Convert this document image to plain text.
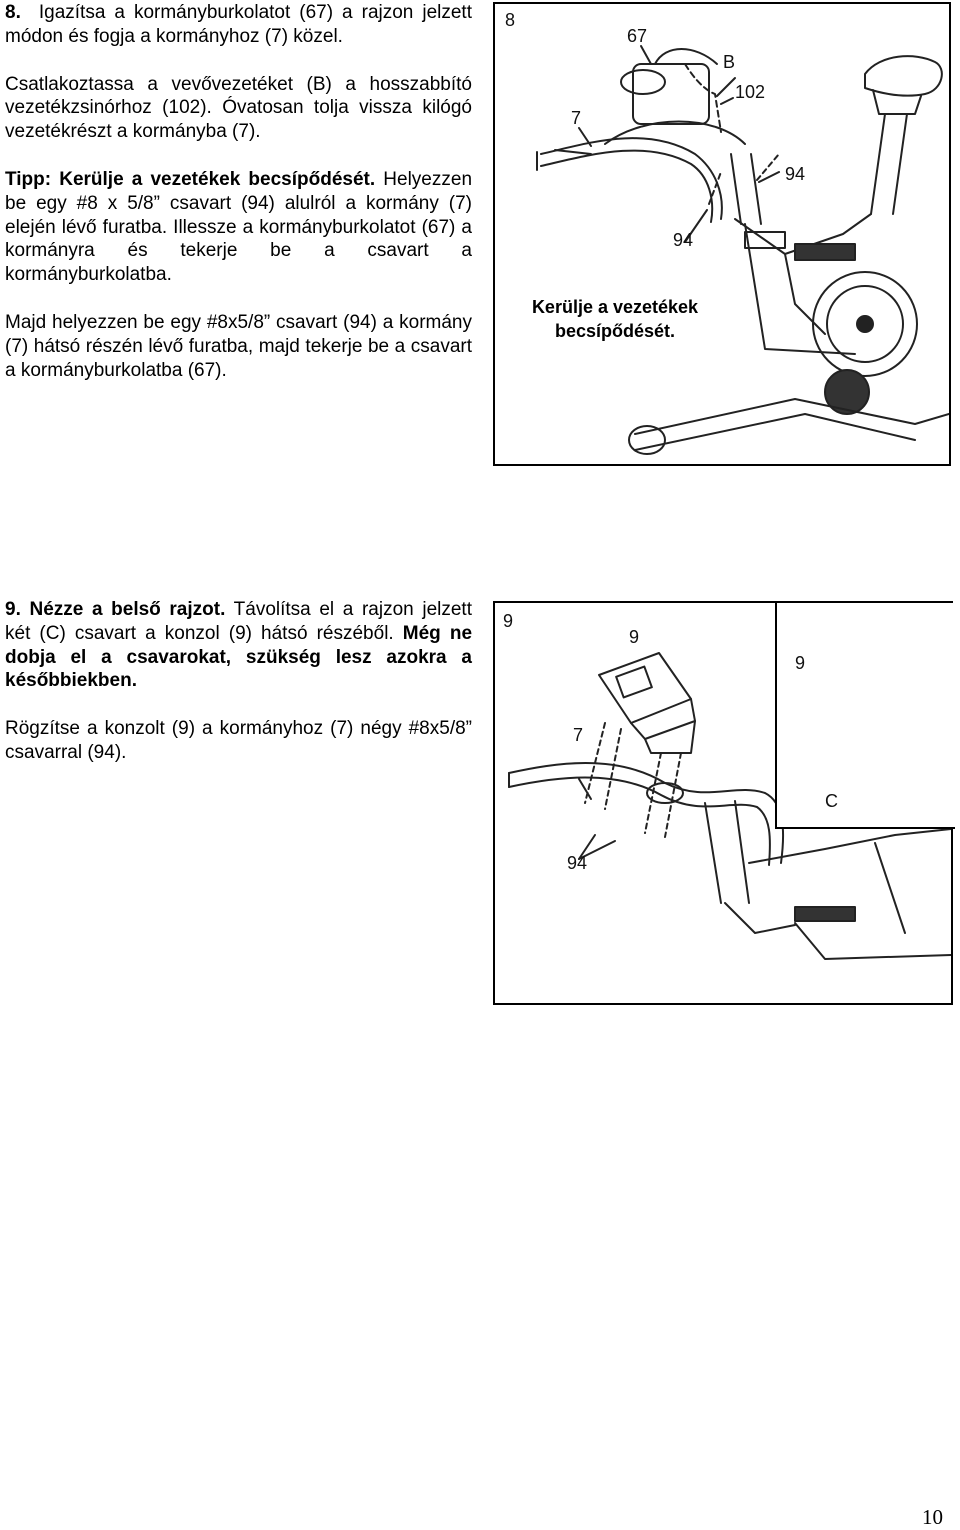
8. Igazítsa a kormányburkolatot (67) a rajzon jelzett módon és fogja a kormányhoz (7) közel.

Csatlakoztassa a vevővezetéket (B) a hosszabbító vezetékzsinórhoz (102). Óvatosan tolja vissza kilógó vezetékrészt a kormányba (7).

Tipp: Kerülje a vezetékek becsípődését. Helyezzen be egy #8 x 5/8” csavart (94) alulról a kormány (7) elején lévő furatba. Illessze a kormányburkolatot (67) a kormányra és tekerje be a csavart a kormányburkolatba.

Majd helyezzen be egy #8x5/8” csavart (94) a kormány (7) hátsó részén lévő furatba, majd tekerje be a csavart a kormányburkolatba (67).

9. Nézze a belső rajzot. Távolítsa el a rajzon jelzett két (C) csavart a konzol (9) hátsó részéből. Még ne dobja el a csavarokat, szükség lesz azokra a későbbiekben.

Rögzítse a konzolt (9) a kormányhoz (7) négy #8x5/8” csavarral (94).

8
67
B
102
7
94
94
Kerülje a vezetékek
becsípődését.
9
9
7
94
9
C
10
